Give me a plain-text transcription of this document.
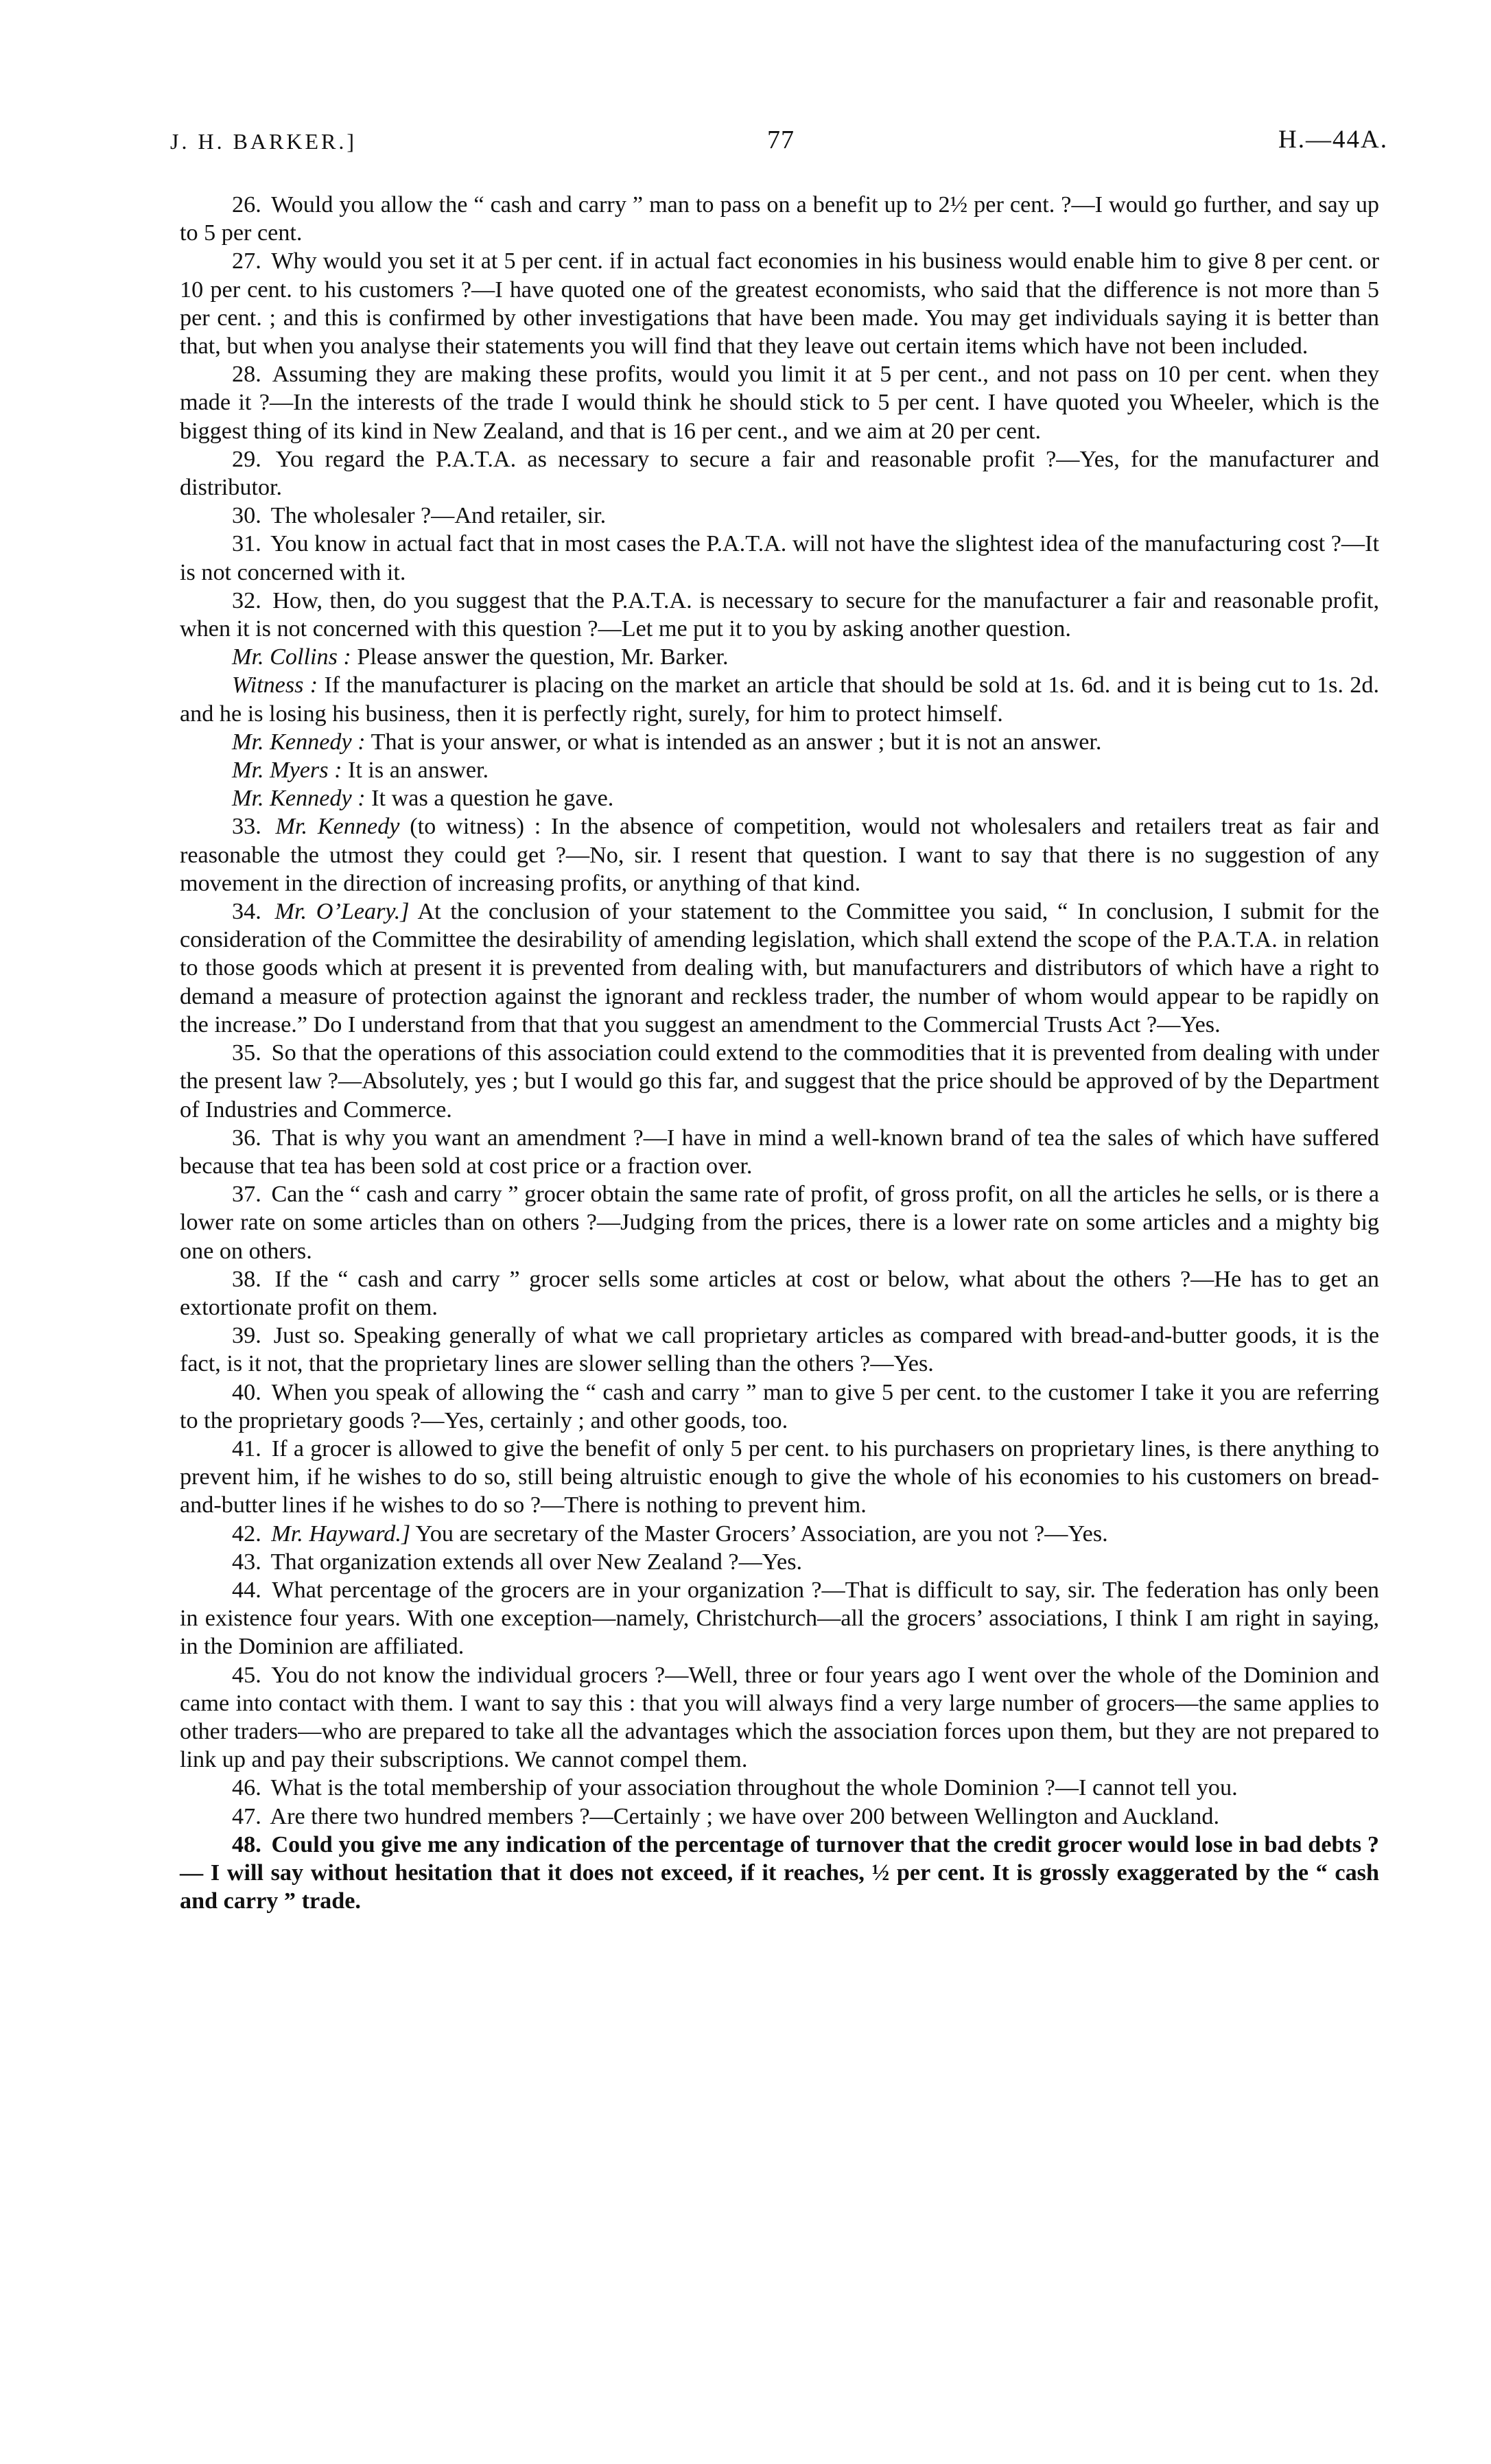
J. H. BARKER.]	77	H.—44A.

26. Would you allow the “ cash and carry ” man to pass on a benefit up to 2½ per cent. ?—I would go further, and say up to 5 per cent.

27. Why would you set it at 5 per cent. if in actual fact economies in his business would enable him to give 8 per cent. or 10 per cent. to his customers ?—I have quoted one of the greatest economists, who said that the difference is not more than 5 per cent. ; and this is confirmed by other investigations that have been made. You may get individuals saying it is better than that, but when you analyse their statements you will find that they leave out certain items which have not been included.

28. Assuming they are making these profits, would you limit it at 5 per cent., and not pass on 10 per cent. when they made it ?—In the interests of the trade I would think he should stick to 5 per cent. I have quoted you Wheeler, which is the biggest thing of its kind in New Zealand, and that is 16 per cent., and we aim at 20 per cent.

29. You regard the P.A.T.A. as necessary to secure a fair and reasonable profit ?—Yes, for the manufacturer and distributor.

30. The wholesaler ?—And retailer, sir.

31. You know in actual fact that in most cases the P.A.T.A. will not have the slightest idea of the manufacturing cost ?—It is not concerned with it.

32. How, then, do you suggest that the P.A.T.A. is necessary to secure for the manufacturer a fair and reasonable profit, when it is not concerned with this question ?—Let me put it to you by asking another question.

Mr. Collins : Please answer the question, Mr. Barker.

Witness : If the manufacturer is placing on the market an article that should be sold at 1s. 6d. and it is being cut to 1s. 2d. and he is losing his business, then it is perfectly right, surely, for him to protect himself.

Mr. Kennedy : That is your answer, or what is intended as an answer ; but it is not an answer.

Mr. Myers : It is an answer.

Mr. Kennedy : It was a question he gave.

33. Mr. Kennedy (to witness) : In the absence of competition, would not wholesalers and retailers treat as fair and reasonable the utmost they could get ?—No, sir. I resent that question. I want to say that there is no suggestion of any movement in the direction of increasing profits, or anything of that kind.

34. Mr. O’Leary.] At the conclusion of your statement to the Committee you said, “ In conclusion, I submit for the consideration of the Committee the desirability of amending legislation, which shall extend the scope of the P.A.T.A. in relation to those goods which at present it is prevented from dealing with, but manufacturers and distributors of which have a right to demand a measure of protection against the ignorant and reckless trader, the number of whom would appear to be rapidly on the increase.” Do I understand from that that you suggest an amendment to the Commercial Trusts Act ?—Yes.

35. So that the operations of this association could extend to the commodities that it is prevented from dealing with under the present law ?—Absolutely, yes ; but I would go this far, and suggest that the price should be approved of by the Department of Industries and Commerce.

36. That is why you want an amendment ?—I have in mind a well-known brand of tea the sales of which have suffered because that tea has been sold at cost price or a fraction over.

37. Can the “ cash and carry ” grocer obtain the same rate of profit, of gross profit, on all the articles he sells, or is there a lower rate on some articles than on others ?—Judging from the prices, there is a lower rate on some articles and a mighty big one on others.

38. If the “ cash and carry ” grocer sells some articles at cost or below, what about the others ?—He has to get an extortionate profit on them.

39. Just so. Speaking generally of what we call proprietary articles as compared with bread-and-butter goods, it is the fact, is it not, that the proprietary lines are slower selling than the others ?—Yes.

40. When you speak of allowing the “ cash and carry ” man to give 5 per cent. to the customer I take it you are referring to the proprietary goods ?—Yes, certainly ; and other goods, too.

41. If a grocer is allowed to give the benefit of only 5 per cent. to his purchasers on proprietary lines, is there anything to prevent him, if he wishes to do so, still being altruistic enough to give the whole of his economies to his customers on bread-and-butter lines if he wishes to do so ?—There is nothing to prevent him.

42. Mr. Hayward.] You are secretary of the Master Grocers’ Association, are you not ?—Yes.

43. That organization extends all over New Zealand ?—Yes.

44. What percentage of the grocers are in your organization ?—That is difficult to say, sir. The federation has only been in existence four years. With one exception—namely, Christchurch—all the grocers’ associations, I think I am right in saying, in the Dominion are affiliated.

45. You do not know the individual grocers ?—Well, three or four years ago I went over the whole of the Dominion and came into contact with them. I want to say this : that you will always find a very large number of grocers—the same applies to other traders—who are prepared to take all the advantages which the association forces upon them, but they are not prepared to link up and pay their subscriptions. We cannot compel them.

46. What is the total membership of your association throughout the whole Dominion ?—I cannot tell you.

47. Are there two hundred members ?—Certainly ; we have over 200 between Wellington and Auckland.

48. Could you give me any indication of the percentage of turnover that the credit grocer would lose in bad debts ? — I will say without hesitation that it does not exceed, if it reaches, ½ per cent. It is grossly exaggerated by the “ cash and carry ” trade.
